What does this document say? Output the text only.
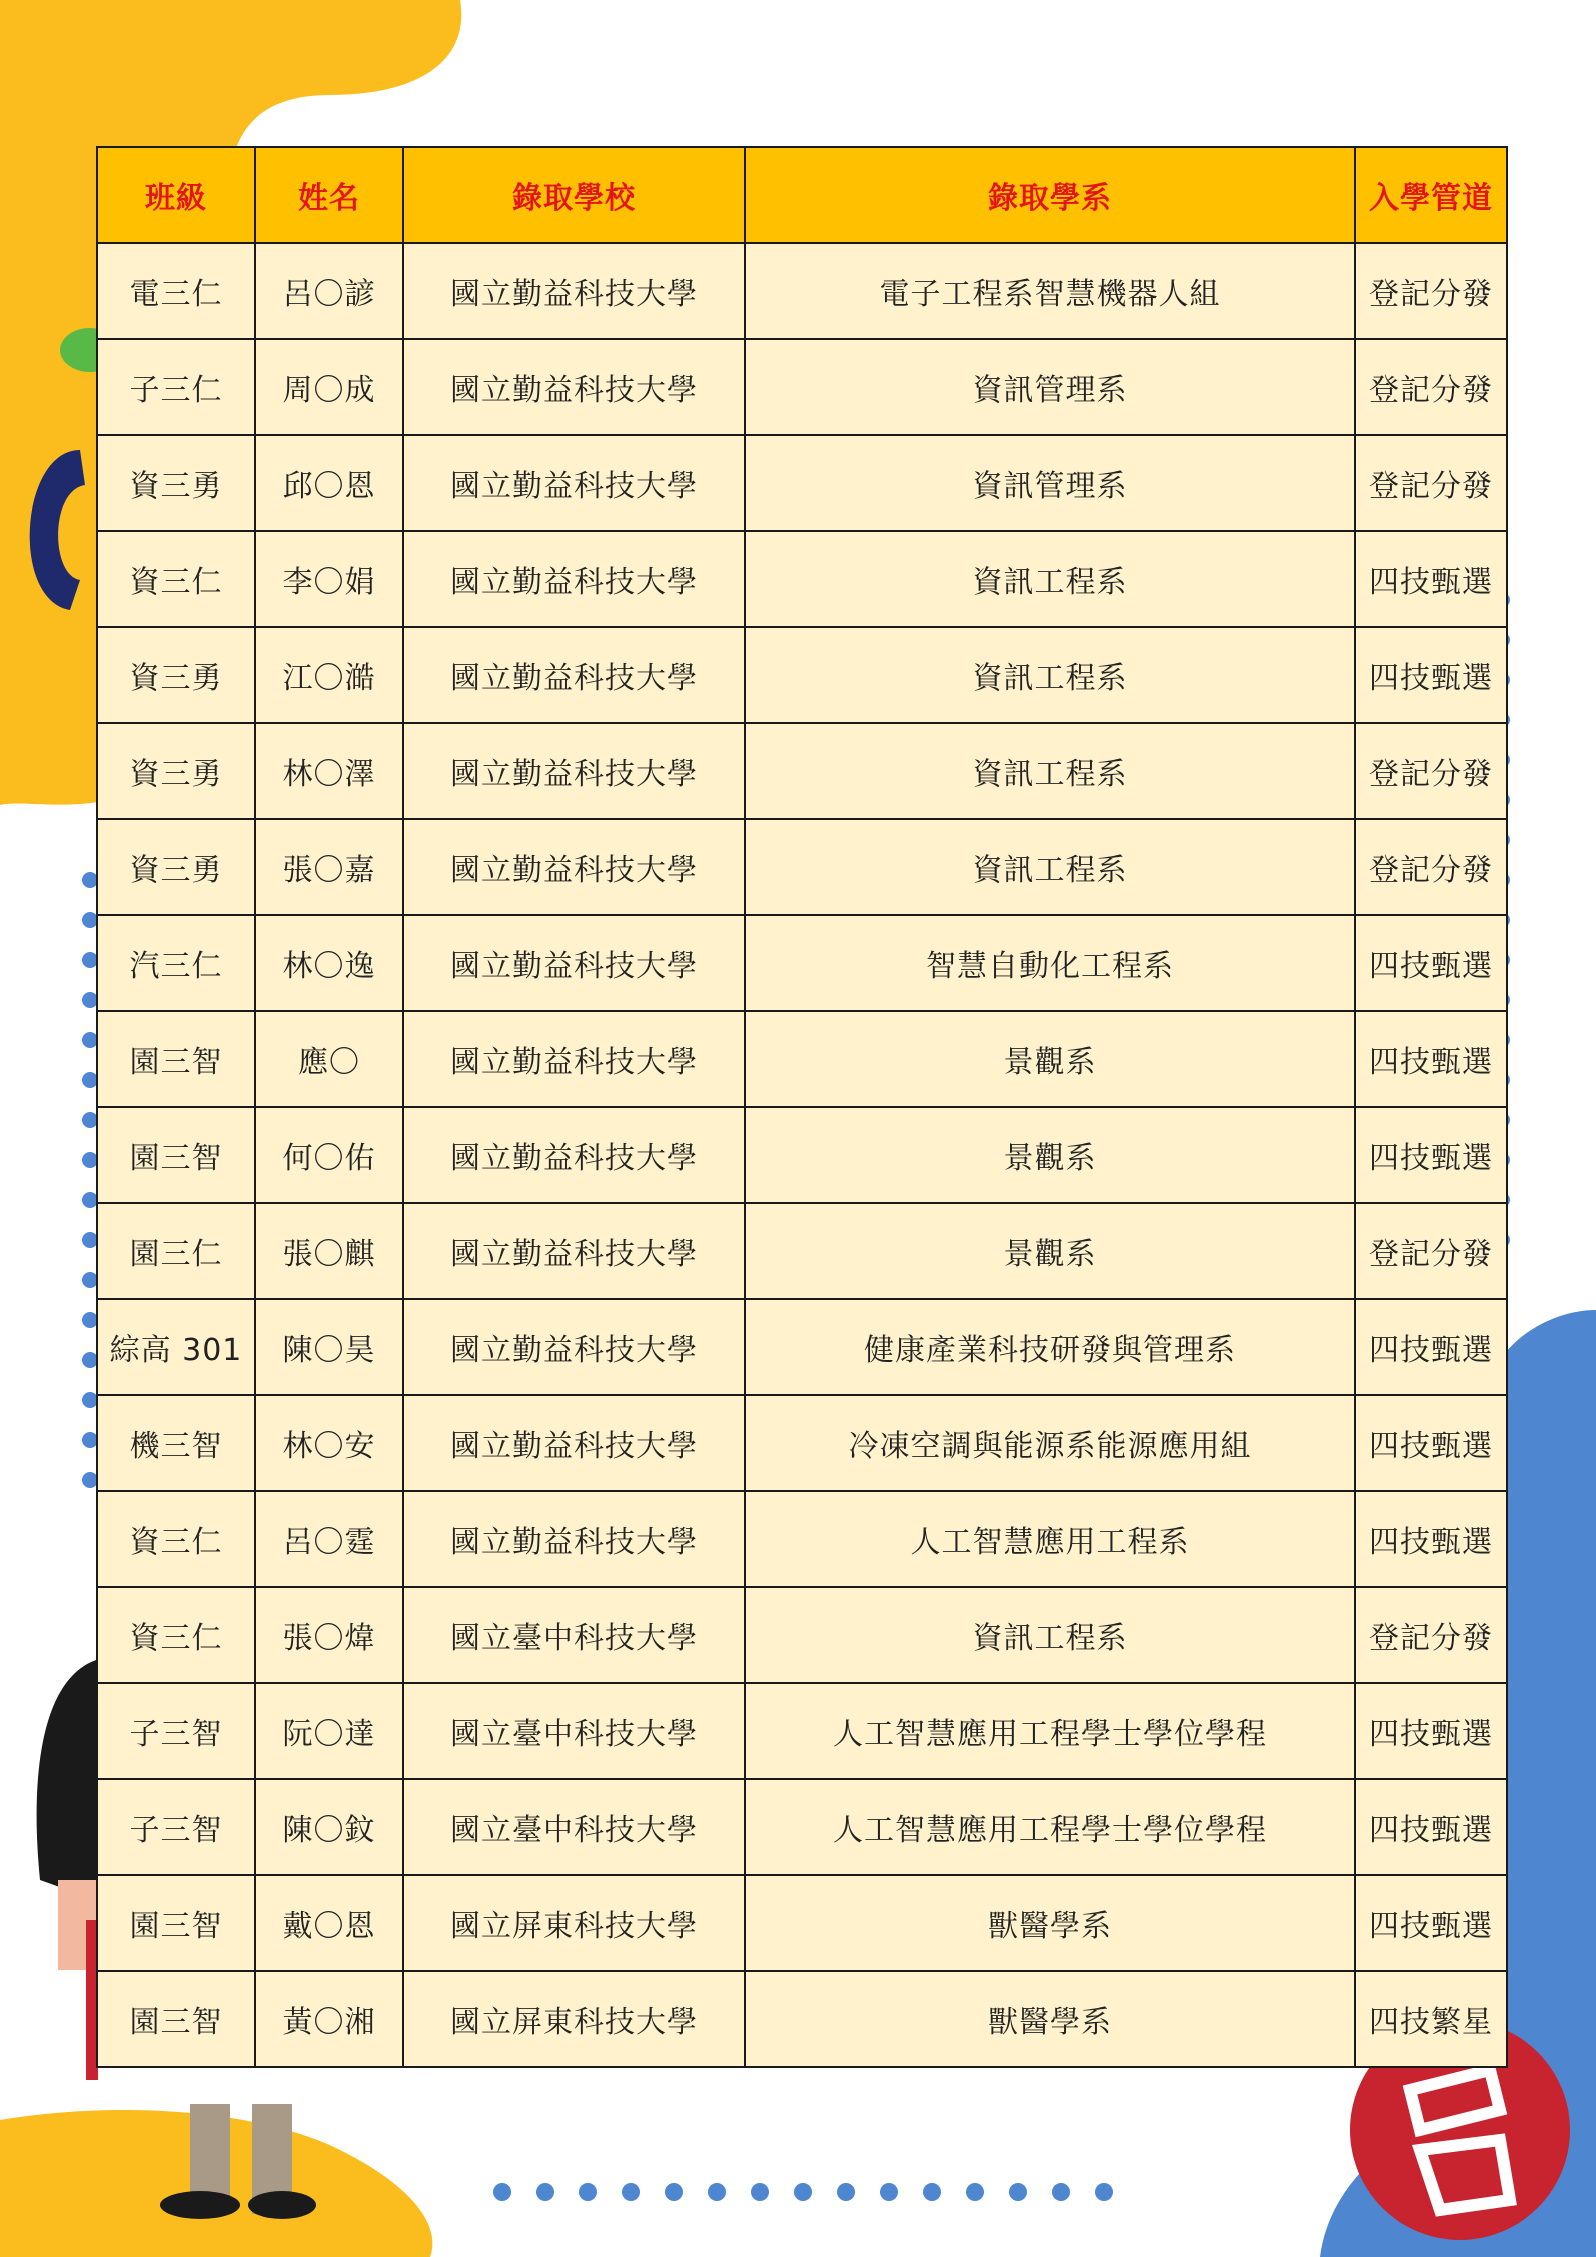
班級	姓名	錄取學校	錄取學系	入學管道
電三仁	呂〇諺	國立勤益科技大學	電子工程系智慧機器人組	登記分發
子三仁	周〇成	國立勤益科技大學	資訊管理系	登記分發
資三勇	邱〇恩	國立勤益科技大學	資訊管理系	登記分發
資三仁	李〇娟	國立勤益科技大學	資訊工程系	四技甄選
資三勇	江〇澔	國立勤益科技大學	資訊工程系	四技甄選
資三勇	林〇澤	國立勤益科技大學	資訊工程系	登記分發
資三勇	張〇嘉	國立勤益科技大學	資訊工程系	登記分發
汽三仁	林〇逸	國立勤益科技大學	智慧自動化工程系	四技甄選
園三智	應〇	國立勤益科技大學	景觀系	四技甄選
園三智	何〇佑	國立勤益科技大學	景觀系	四技甄選
園三仁	張〇麒	國立勤益科技大學	景觀系	登記分發
綜高 301	陳〇昊	國立勤益科技大學	健康產業科技研發與管理系	四技甄選
機三智	林〇安	國立勤益科技大學	冷凍空調與能源系能源應用組	四技甄選
資三仁	呂〇霆	國立勤益科技大學	人工智慧應用工程系	四技甄選
資三仁	張〇煒	國立臺中科技大學	資訊工程系	登記分發
子三智	阮〇達	國立臺中科技大學	人工智慧應用工程學士學位學程	四技甄選
子三智	陳〇鈫	國立臺中科技大學	人工智慧應用工程學士學位學程	四技甄選
園三智	戴〇恩	國立屏東科技大學	獸醫學系	四技甄選
園三智	黃〇湘	國立屏東科技大學	獸醫學系	四技繁星
